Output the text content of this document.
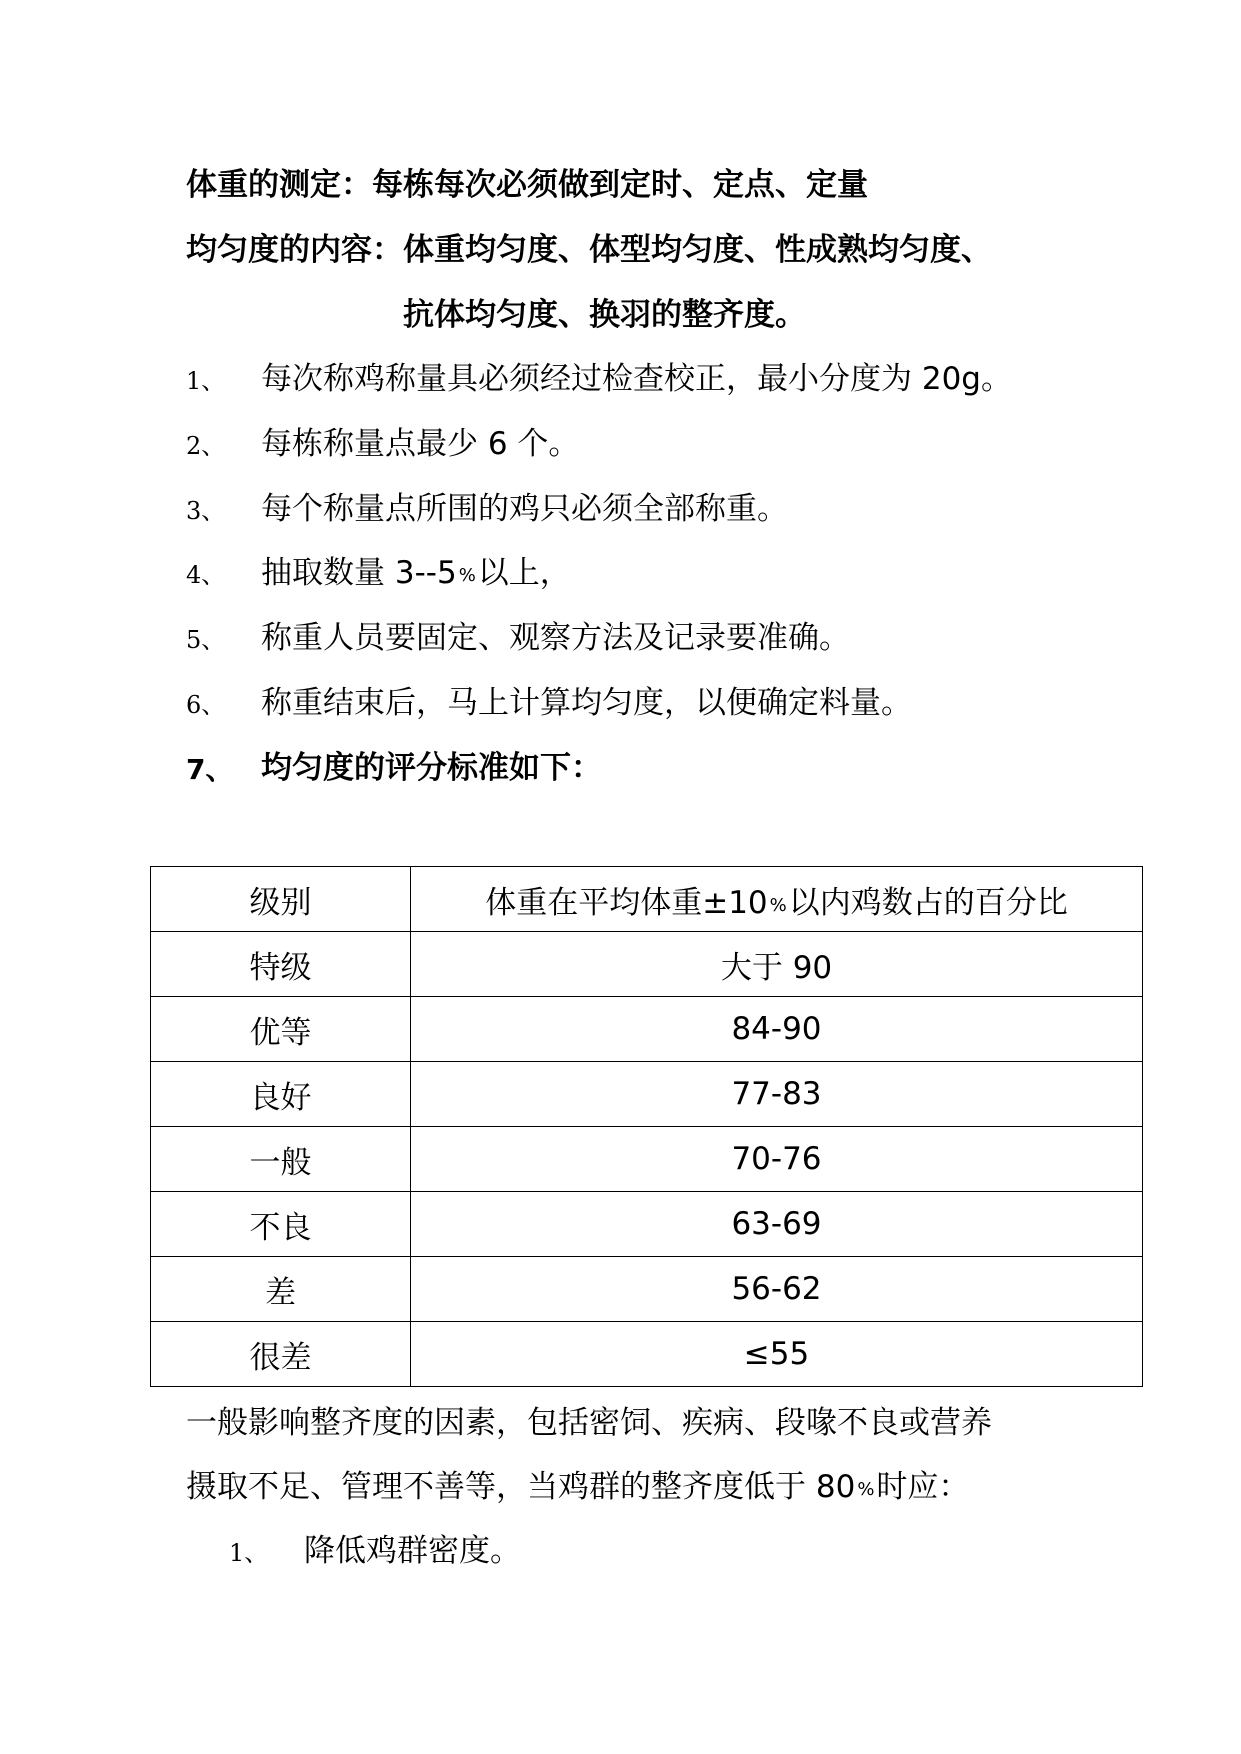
体重的测定：每栋每次必须做到定时、定点、定量
均匀度的内容：体重均匀度、体型均匀度、性成熟均匀度、
抗体均匀度、换羽的整齐度。
1、 每次称鸡称量具必须经过检查校正，最小分度为 20g。
2、 每栋称量点最少 6 个。
3、 每个称量点所围的鸡只必须全部称重。
4、 抽取数量 3--5 %以上，
5、 称重人员要固定、观察方法及记录要准确。
6、 称重结束后，马上计算均匀度，以便确定料量。
7、 均匀度的评分标准如下：
级别	体重在平均体重±10 %以内鸡数占的百分比
特级	大于 90
优等	84-90
良好	77-83
一般	70-76
不良	63-69
差	56-62
很差	≤55
一般影响整齐度的因素，包括密饲、疾病、段喙不良或营养
摄取不足、管理不善等，当鸡群的整齐度低于 80 %时应：
1、 降低鸡群密度。
